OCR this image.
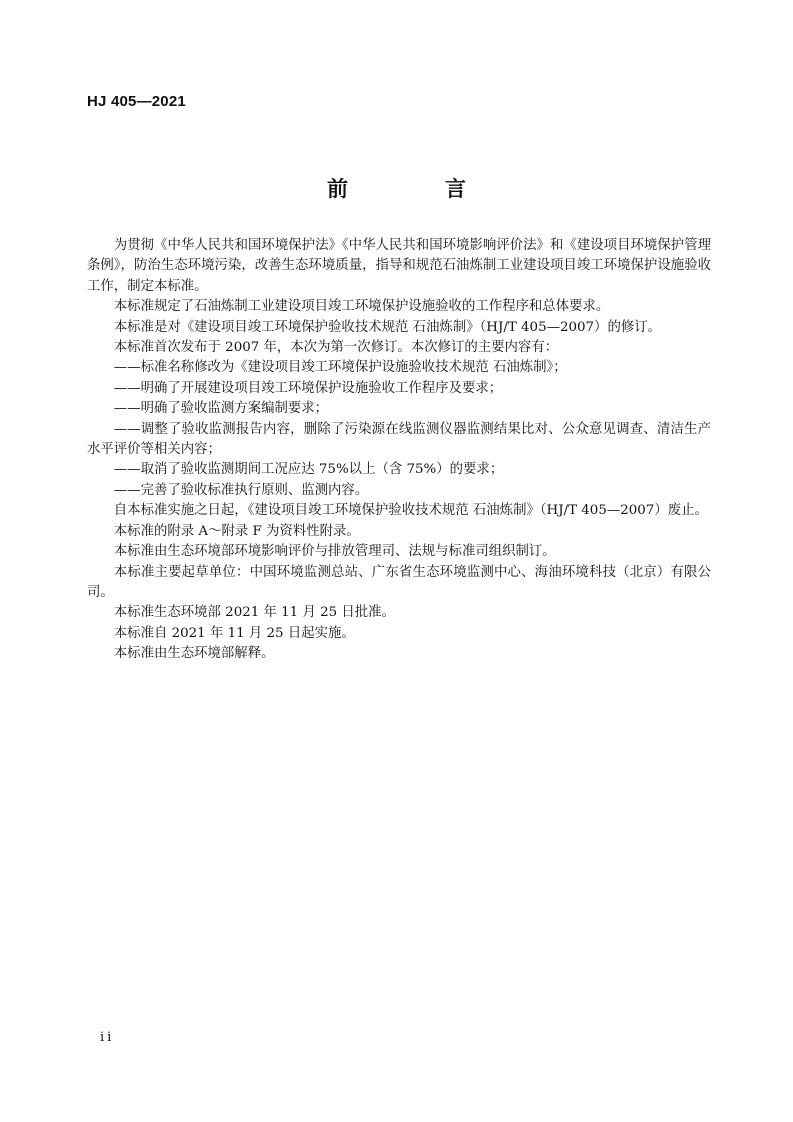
HJ 405—2021
前　言

为贯彻《中华人民共和国环境保护法》《中华人民共和国环境影响评价法》和《建设项目环境保护管理条例》，防治生态环境污染，改善生态环境质量，指导和规范石油炼制工业建设项目竣工环境保护设施验收工作，制定本标准。

本标准规定了石油炼制工业建设项目竣工环境保护设施验收的工作程序和总体要求。

本标准是对《建设项目竣工环境保护验收技术规范 石油炼制》（HJ/T 405—2007）的修订。

本标准首次发布于 2007 年，本次为第一次修订。本次修订的主要内容有：

——标准名称修改为《建设项目竣工环境保护设施验收技术规范 石油炼制》；

——明确了开展建设项目竣工环境保护设施验收工作程序及要求；

——明确了验收监测方案编制要求；

——调整了验收监测报告内容，删除了污染源在线监测仪器监测结果比对、公众意见调查、清洁生产水平评价等相关内容；

——取消了验收监测期间工况应达 75%以上（含 75%）的要求；

——完善了验收标准执行原则、监测内容。

自本标准实施之日起，《建设项目竣工环境保护验收技术规范 石油炼制》（HJ/T 405—2007）废止。

本标准的附录 A～附录 F 为资料性附录。

本标准由生态环境部环境影响评价与排放管理司、法规与标准司组织制订。

本标准主要起草单位：中国环境监测总站、广东省生态环境监测中心、海油环境科技（北京）有限公司。

本标准生态环境部 2021 年 11 月 25 日批准。

本标准自 2021 年 11 月 25 日起实施。

本标准由生态环境部解释。

ii
